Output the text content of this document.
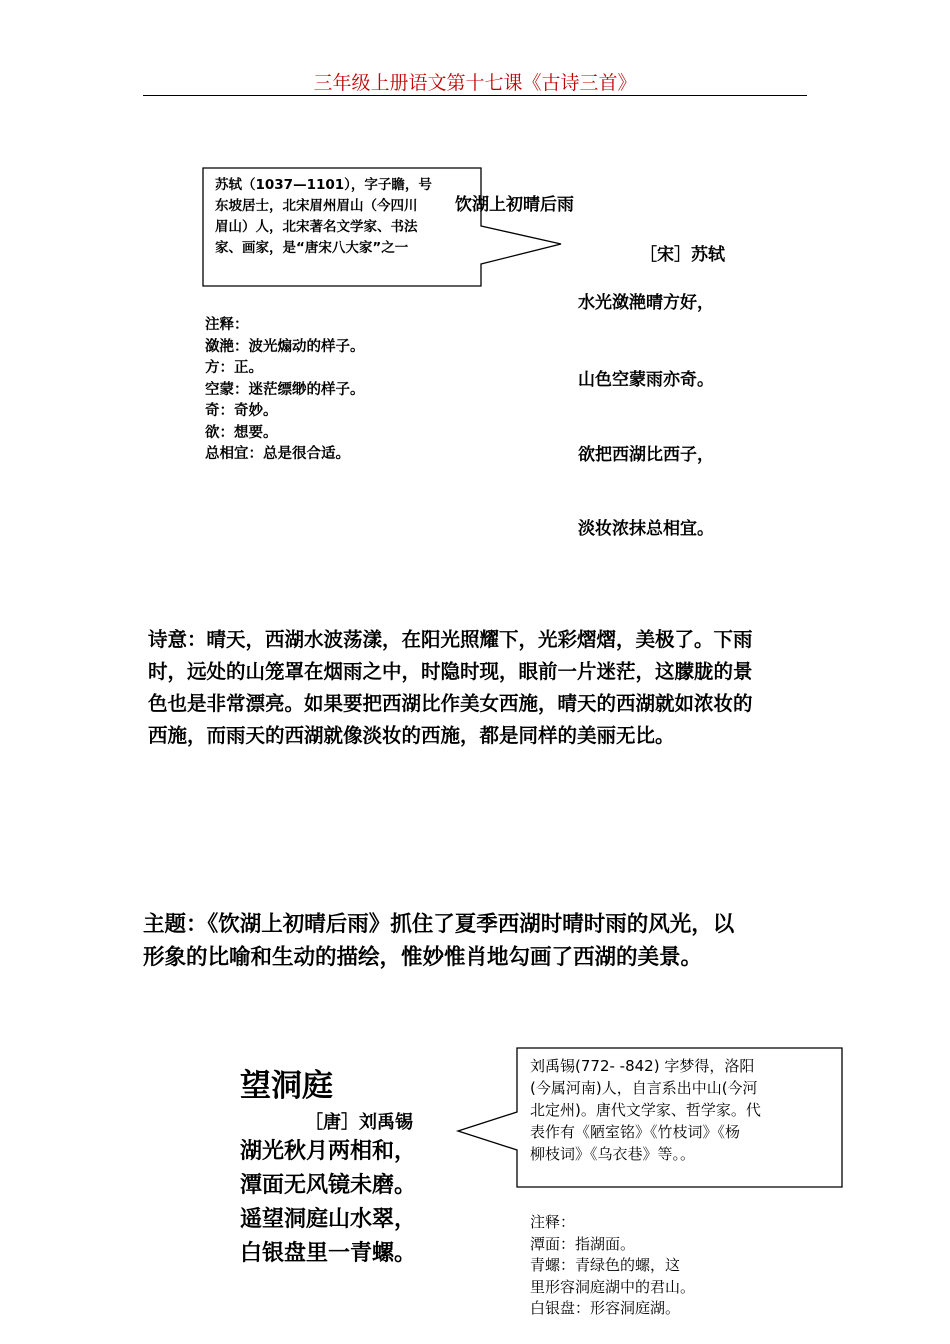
三年级上册语文第十七课《古诗三首》
苏轼（1037—1101），字子瞻，号
东坡居士，北宋眉州眉山（今四川
眉山）人，北宋著名文学家、书法
家、画家，是“唐宋八大家”之一
饮湖上初晴后雨
［宋］苏轼
水光潋滟晴方好，
山色空蒙雨亦奇。
欲把西湖比西子，
淡妆浓抹总相宜。
注释：
潋滟：波光煽动的样子。
方：正。
空蒙：迷茫缥缈的样子。
奇：奇妙。
欲：想要。
总相宜：总是很合适。
诗意：晴天，西湖水波荡漾，在阳光照耀下，光彩熠熠，美极了。下雨
时，远处的山笼罩在烟雨之中，时隐时现，眼前一片迷茫，这朦胧的景
色也是非常漂亮。如果要把西湖比作美女西施，晴天的西湖就如浓妆的
西施，而雨天的西湖就像淡妆的西施，都是同样的美丽无比。
主题：《饮湖上初晴后雨》抓住了夏季西湖时晴时雨的风光，以
形象的比喻和生动的描绘，惟妙惟肖地勾画了西湖的美景。
望洞庭
［唐］刘禹锡
湖光秋月两相和，
潭面无风镜未磨。
遥望洞庭山水翠，
白银盘里一青螺。
刘禹锡(772- -842) 字梦得，洛阳
(今属河南)人，自言系出中山(今河
北定州)。唐代文学家、哲学家。代
表作有《陋室铭》《竹枝词》《杨
柳枝词》《乌衣巷》等。。
注释：
潭面：指湖面。
青螺：青绿色的螺，这
里形容洞庭湖中的君山。
白银盘：形容洞庭湖。
